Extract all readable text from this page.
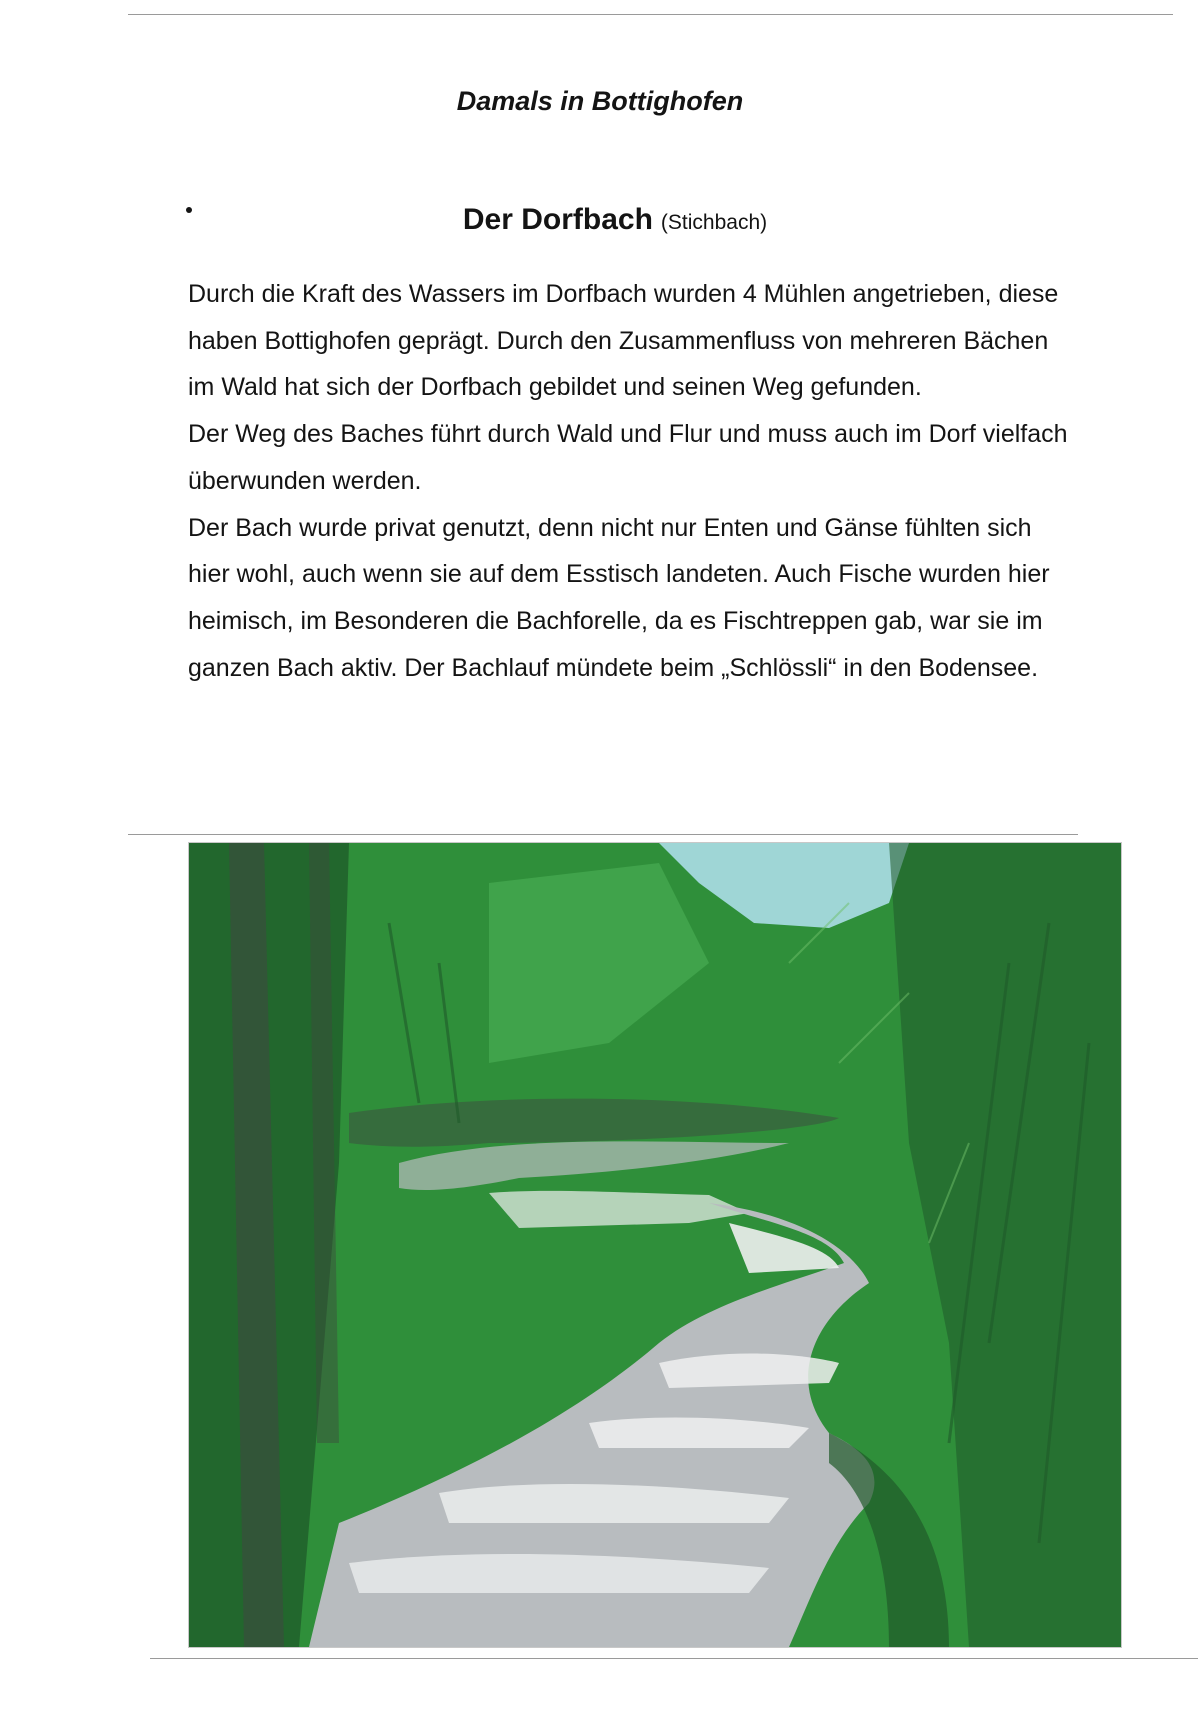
Damals in Bottighofen
Der Dorfbach (Stichbach)

Durch die Kraft des Wassers im Dorfbach wurden 4 Mühlen angetrieben, diese haben Bottighofen geprägt. Durch den Zusammenfluss von mehreren Bächen im Wald hat sich der Dorfbach gebildet und seinen Weg gefunden.

Der Weg des Baches führt durch Wald und Flur und muss auch im Dorf vielfach überwunden werden.

Der Bach wurde privat genutzt, denn nicht nur Enten und Gänse fühlten sich hier wohl, auch wenn sie auf dem Esstisch landeten. Auch Fische wurden hier heimisch, im Besonderen die Bachforelle, da es Fischtreppen gab, war sie im ganzen Bach aktiv. Der Bachlauf mündete beim „Schlössli“ in den Bodensee.
